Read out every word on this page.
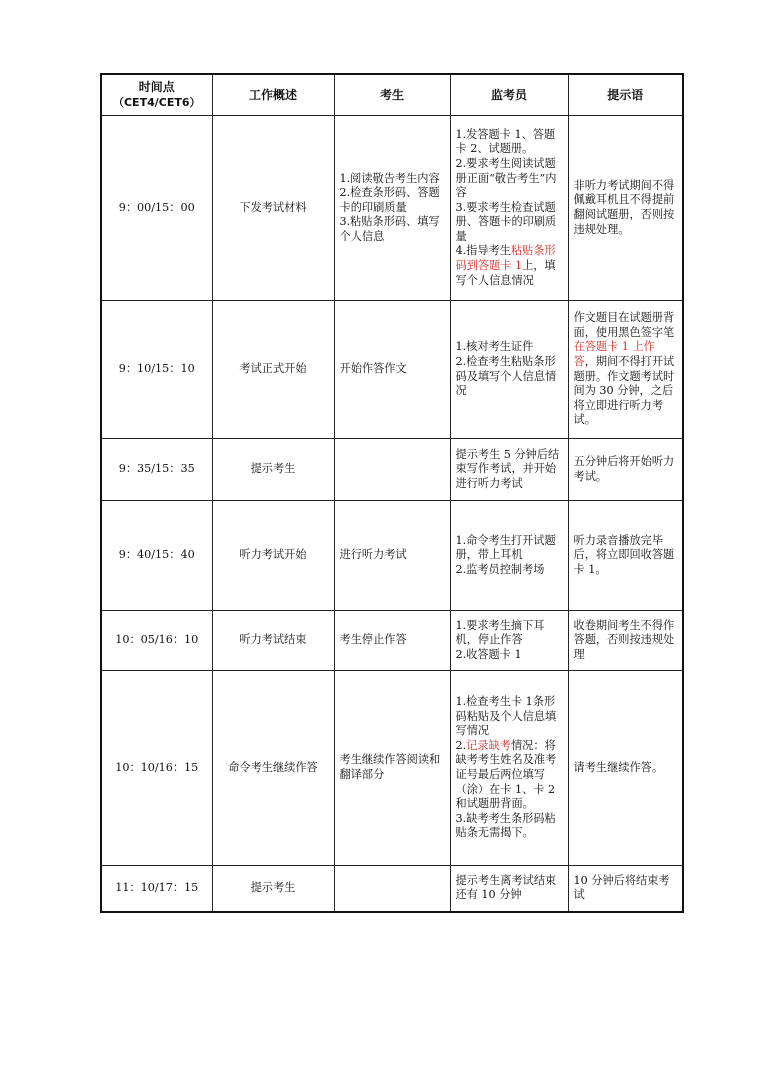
时间点
（CET4/CET6）	工作概述	考生	监考员	提示语
9：00/15：00	下发考试材料	1.阅读敬告考生内容
2.检查条形码、答题卡的印刷质量
3.粘贴条形码、填写个人信息	1.发答题卡 1、答题卡 2、试题册。
2.要求考生阅读试题册正面“敬告考生”内容
3.要求考生检查试题册、答题卡的印刷质量
4.指导考生粘贴条形码到答题卡 1上，填写个人信息情况	非听力考试期间不得佩戴耳机且不得提前翻阅试题册，否则按违规处理。
9：10/15：10	考试正式开始	开始作答作文	1.核对考生证件
2.检查考生粘贴条形码及填写个人信息情况	作文题目在试题册背面，使用黑色签字笔在答题卡 1 上作答，期间不得打开试题册。作文题考试时间为 30 分钟，之后将立即进行听力考试。
9：35/15：35	提示考生		提示考生 5 分钟后结束写作考试，并开始进行听力考试	五分钟后将开始听力考试。
9：40/15：40	听力考试开始	进行听力考试	1.命令考生打开试题册，带上耳机
2.监考员控制考场	听力录音播放完毕后，将立即回收答题卡 1。
10：05/16：10	听力考试结束	考生停止作答	1.要求考生摘下耳机，停止作答
2.收答题卡 1	收卷期间考生不得作答题，否则按违规处理
10：10/16：15	命令考生继续作答	考生继续作答阅读和翻译部分	1.检查考生卡 1条形码粘贴及个人信息填写情况
2.记录缺考情况：将缺考考生姓名及准考证号最后两位填写（涂）在卡 1、卡 2 和试题册背面。
3.缺考考生条形码粘贴条无需揭下。	请考生继续作答。
11：10/17：15	提示考生		提示考生离考试结束还有 10 分钟	10 分钟后将结束考试
